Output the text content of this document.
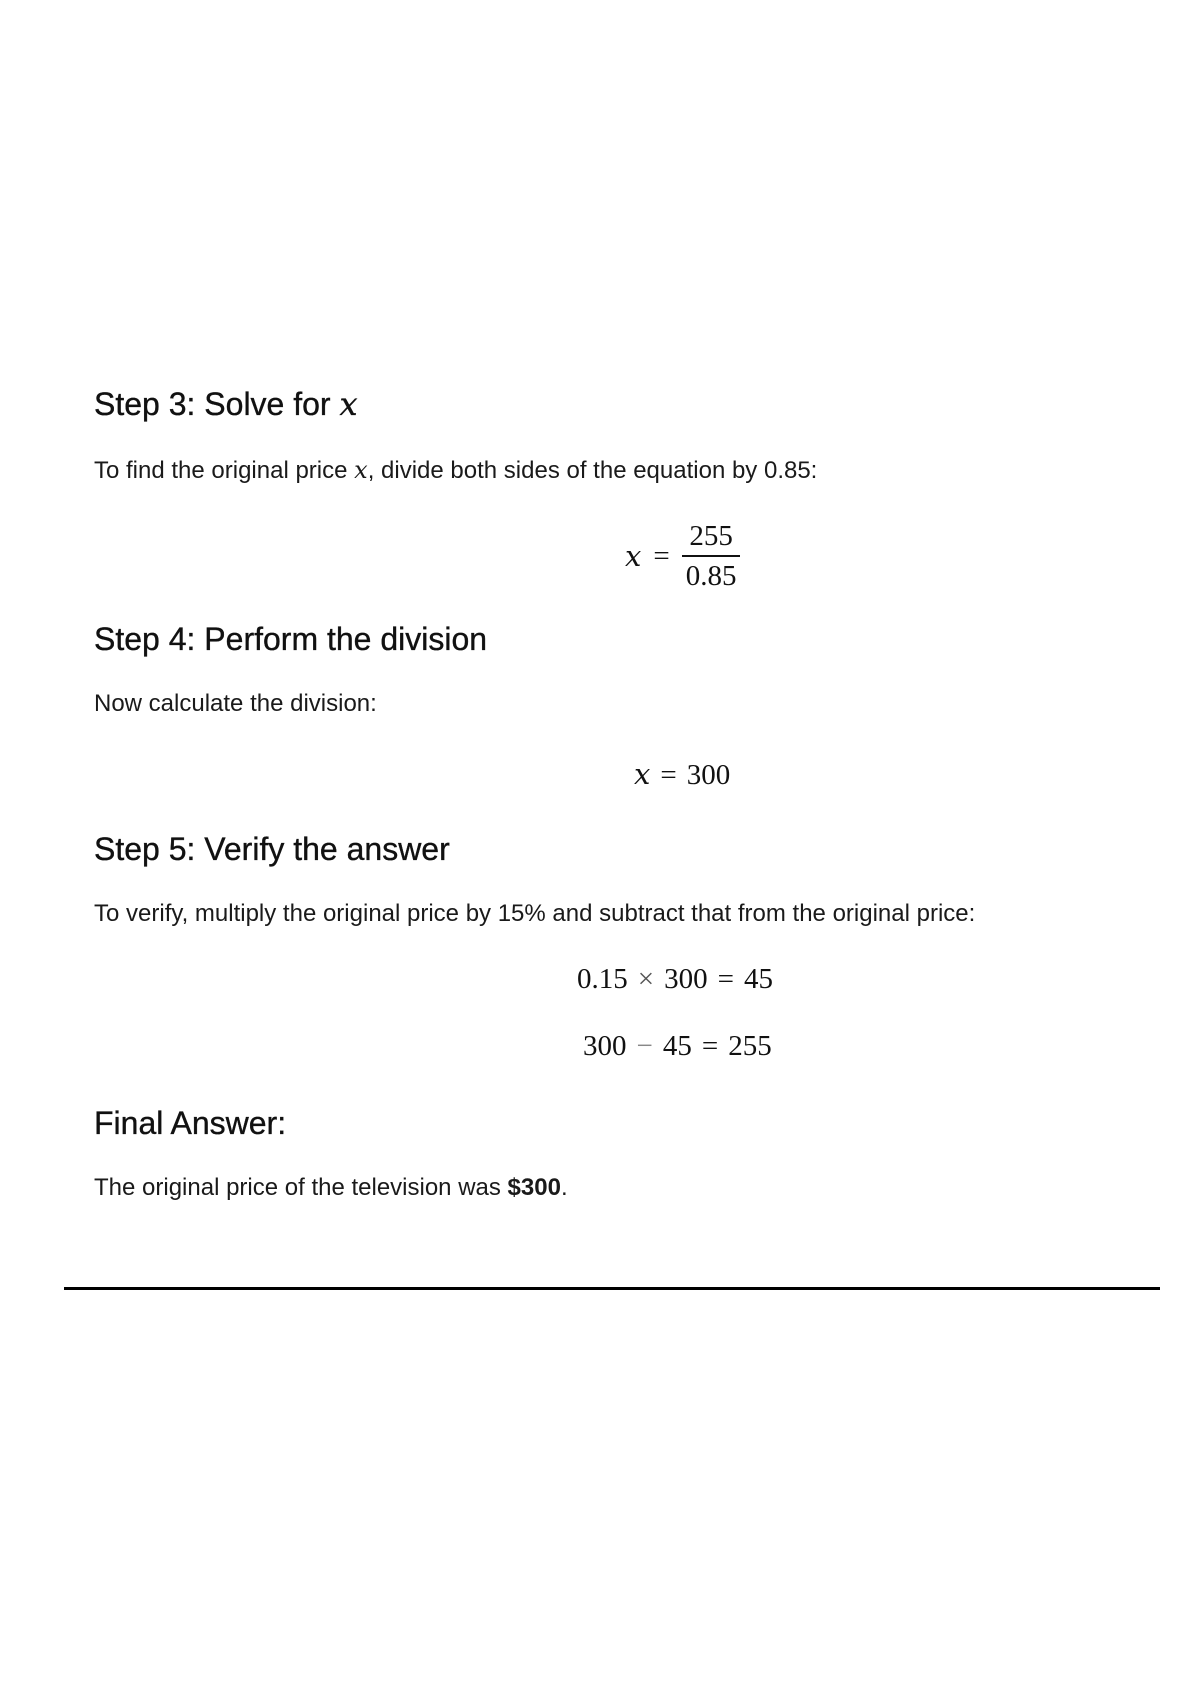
Step 3: Solve for x

To find the original price x, divide both sides of the equation by 0.85:

$x = \frac{255}{0.85}$
Step 4: Perform the division

Now calculate the division:

x = 300

Step 5: Verify the answer

To verify, multiply the original price by 15% and subtract that from the original price:

0.15 × 300 = 45

300 − 45 = 255

Final Answer:

The original price of the television was $300.
